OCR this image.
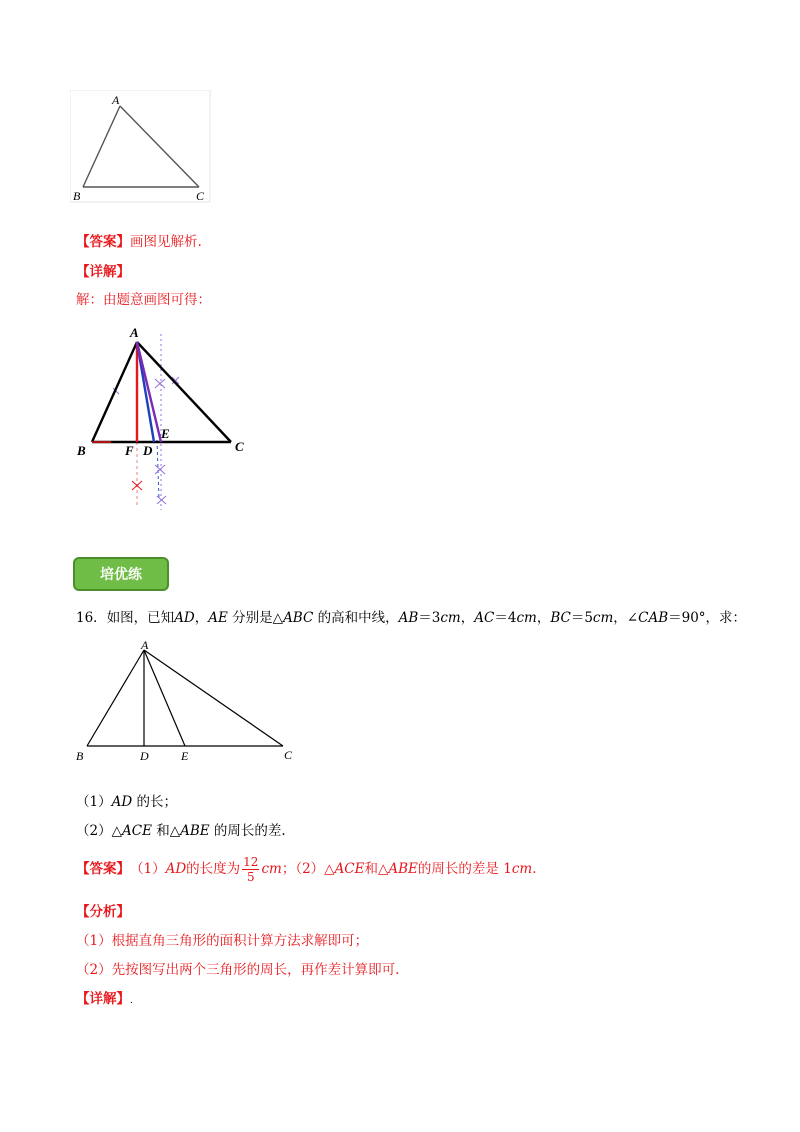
A
B	C
【答案】画图见解析.
【详解】
解：由题意画图可得：
A
B	C
F D
E
培优练
16．如图，已知AD，AE 分别是△ABC 的高和中线，AB＝3cm，AC＝4cm，BC＝5cm，∠CAB＝90°，求：
A
B	D	E	C
（1）AD 的长；
（2）△ACE 和△ABE 的周长的差.
【答案】 （1） AD 的长度为 $\frac{12}{5}$ cm ；（2）△ ACE 和△ ABE 的周长的差是 1 cm .
【分析】
（1）根据直角三角形的面积计算方法求解即可；
（2）先按图写出两个三角形的周长，再作差计算即可.
【详解】.
